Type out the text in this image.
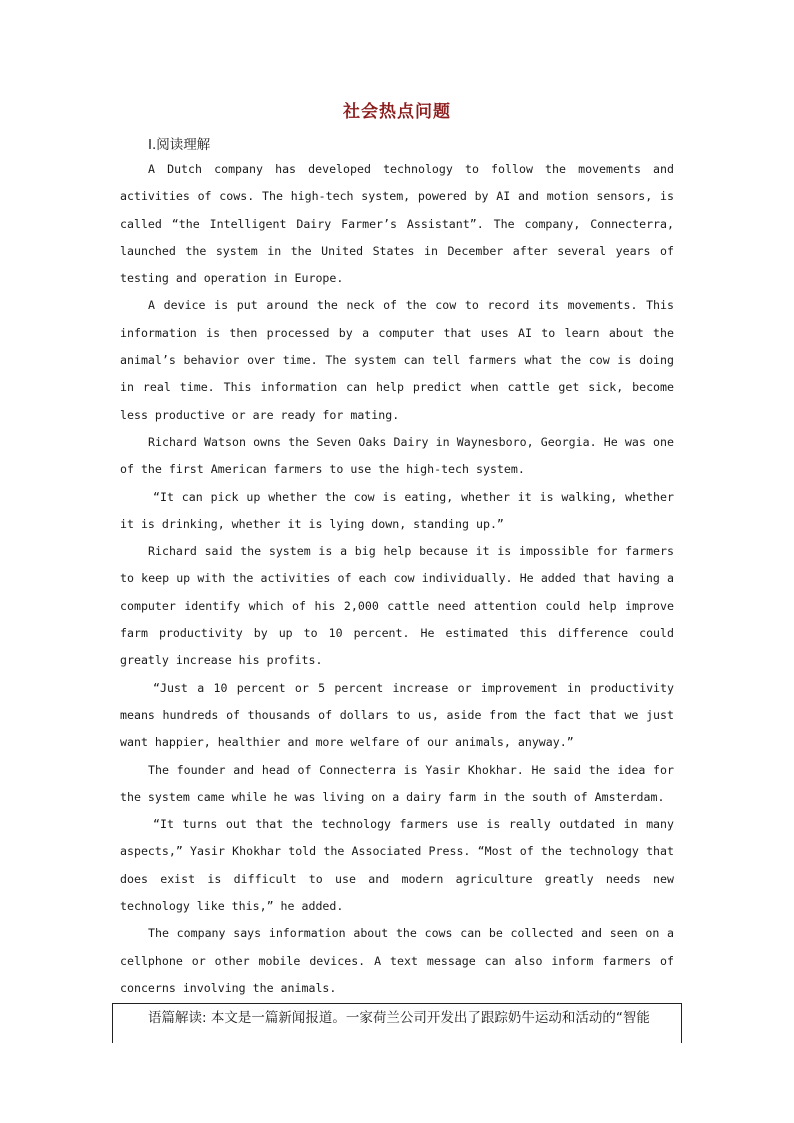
社会热点问题
Ⅰ.阅读理解

A Dutch company has developed technology to follow the movements and activities of cows. The high-tech system, powered by AI and motion sensors, is called “the Intelligent Dairy Farmer’s Assistant”. The company, Connecterra, launched the system in the United States in December after several years of testing and operation in Europe.

A device is put around the neck of the cow to record its movements. This information is then processed by a computer that uses AI to learn about the animal’s behavior over time. The system can tell farmers what the cow is doing in real time. This information can help predict when cattle get sick, become less productive or are ready for mating.

Richard Watson owns the Seven Oaks Dairy in Waynesboro, Georgia. He was one of the first American farmers to use the high-tech system.

“It can pick up whether the cow is eating, whether it is walking, whether it is drinking, whether it is lying down, standing up.”

Richard said the system is a big help because it is impossible for farmers to keep up with the activities of each cow individually. He added that having a computer identify which of his 2,000 cattle need attention could help improve farm productivity by up to 10 percent. He estimated this difference could greatly increase his profits.

“Just a 10 percent or 5 percent increase or improvement in productivity means hundreds of thousands of dollars to us, aside from the fact that we just want happier, healthier and more welfare of our animals, anyway.”

The founder and head of Connecterra is Yasir Khokhar. He said the idea for the system came while he was living on a dairy farm in the south of Amsterdam.

“It turns out that the technology farmers use is really outdated in many aspects,” Yasir Khokhar told the Associated Press. “Most of the technology that does exist is difficult to use and modern agriculture greatly needs new technology like this,” he added.

The company says information about the cows can be collected and seen on a cellphone or other mobile devices. A text message can also inform farmers of concerns involving the animals.

语篇解读: 本文是一篇新闻报道。一家荷兰公司开发出了跟踪奶牛运动和活动的“智能
